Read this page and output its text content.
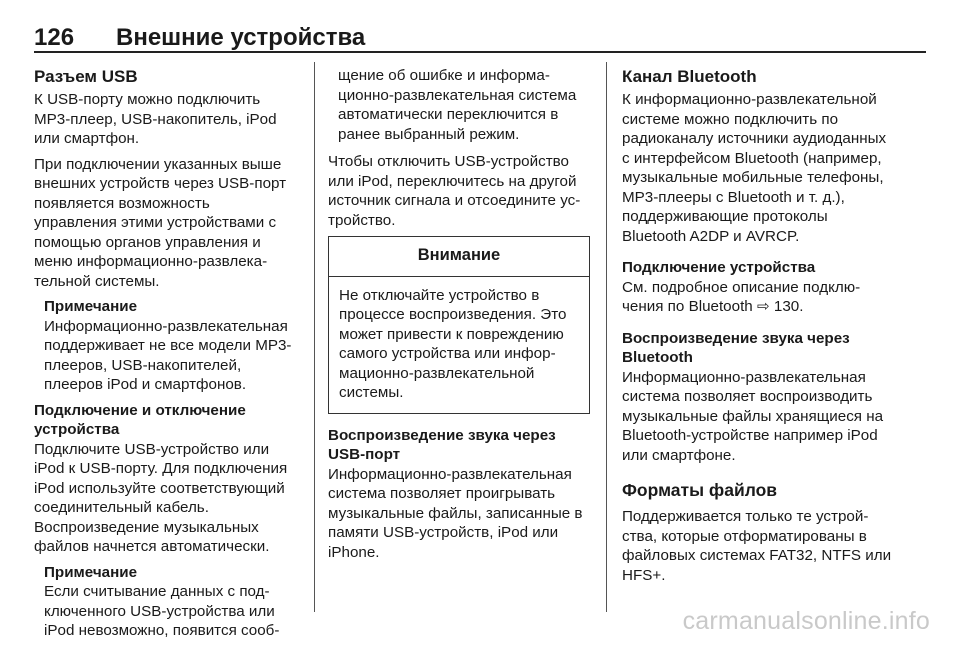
126 Внешние устройства
Разъем USB

К USB-порту можно подключить MP3-плеер, USB-накопитель, iPod или смартфон.

При подключении указанных выше внешних устройств через USB-порт появляется возможность управления этими устройствами с помощью органов управления и меню информационно-развлекательной системы.

Примечание
Информационно-развлекательная поддерживает не все модели MP3-плееров, USB-накопителей, плееров iPod и смартфонов.
Подключение и отключение устройства

Подключите USB-устройство или iPod к USB-порту. Для подключения iPod используйте соответствующий соединительный кабель. Воспроизведение музыкальных файлов начнется автоматически.

Примечание
Если считывание данных с подключенного USB-устройства или iPod невозможно, появится сооб-
щение об ошибке и информационно-развлекательная система автоматически переключится в ранее выбранный режим.

Чтобы отключить USB-устройство или iPod, переключитесь на другой источник сигнала и отсоедините устройство.

Внимание
Не отключайте устройство в процессе воспроизведения. Это может привести к повреждению самого устройства или информационно-развлекательной системы.
Воспроизведение звука через USB-порт

Информационно-развлекательная система позволяет проигрывать музыкальные файлы, записанные в памяти USB-устройств, iPod или iPhone.

Канал Bluetooth

К информационно-развлекательной системе можно подключить по радиоканалу источники аудиоданных с интерфейсом Bluetooth (например, музыкальные мобильные телефоны, MP3-плееры с Bluetooth и т. д.), поддерживающие протоколы Bluetooth A2DP и AVRCP.

Подключение устройства

См. подробное описание подключения по Bluetooth ⇨ 130.

Воспроизведение звука через Bluetooth

Информационно-развлекательная система позволяет воспроизводить музыкальные файлы хранящиеся на Bluetooth-устройстве например iPod или смартфоне.

Форматы файлов

Поддерживается только те устройства, которые отформатированы в файловых системах FAT32, NTFS или HFS+.

carmanualsonline.info
